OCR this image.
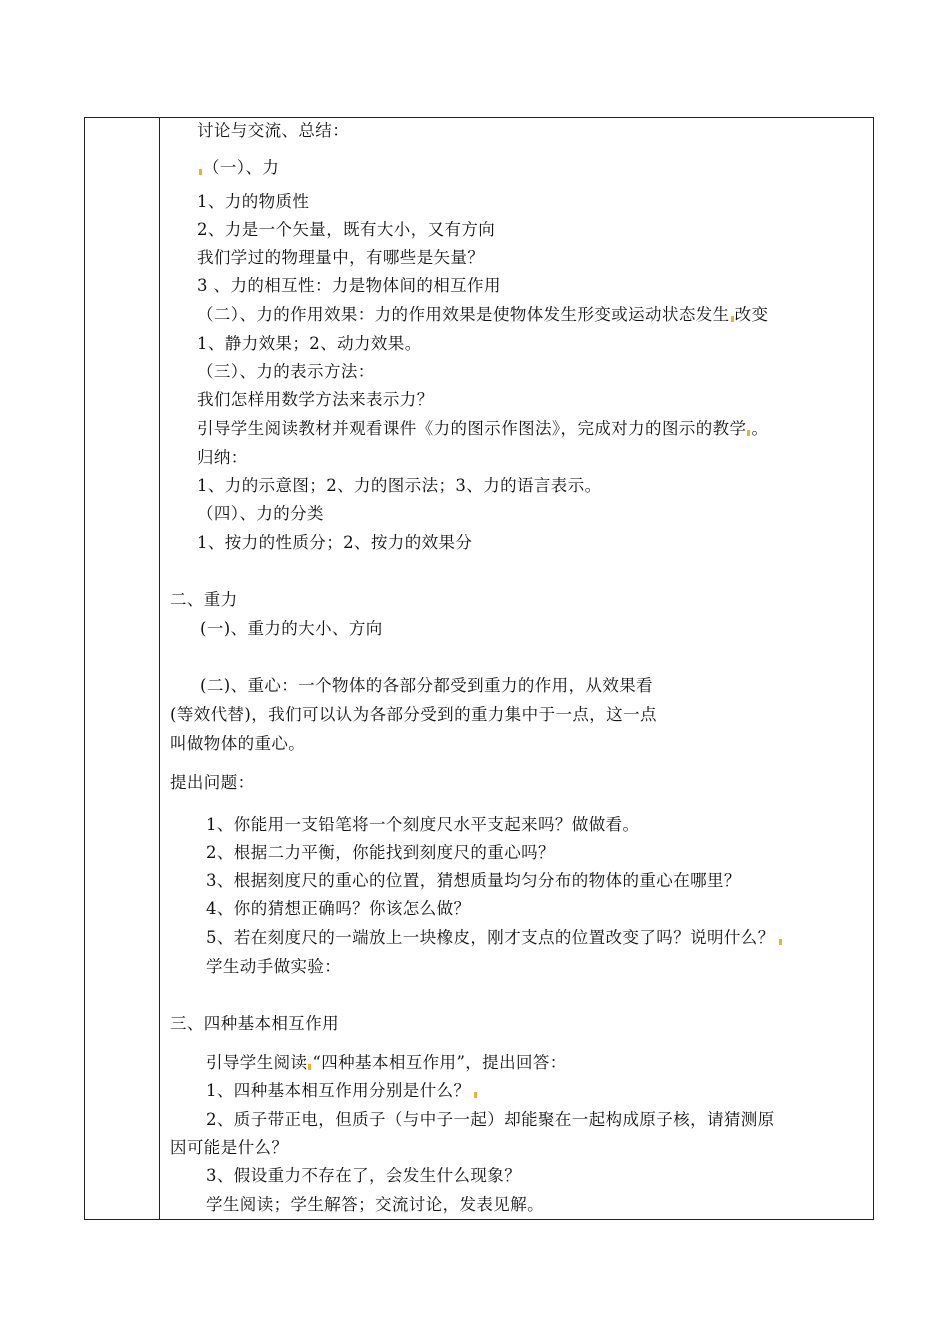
讨论与交流、总结：
（一）、力
1、力的物质性
2、力是一个矢量，既有大小，又有方向
我们学过的物理量中，有哪些是矢量？
3 、力的相互性：力是物体间的相互作用
（二）、力的作用效果：力的作用效果是使物体发生形变或运动状态发生 改变
1、静力效果；2、动力效果。
（三）、力的表示方法：
我们怎样用数学方法来表示力？
引导学生阅读教材并观看课件《力的图示作图法》，完成对力的图示的教学 。
归纳：
1、力的示意图；2、力的图示法；3、力的语言表示。
（四）、力的分类
1、按力的性质分；2、按力的效果分
二、重力
(一)、重力的大小、方向
(二)、重心：一个物体的各部分都受到重力的作用，从效果看
(等效代替)，我们可以认为各部分受到的重力集中于一点，这一点
叫做物体的重心。
提出问题：
1、你能用一支铅笔将一个刻度尺水平支起来吗？做做看。
2、根据二力平衡，你能找到刻度尺的重心吗？
3、根据刻度尺的重心的位置，猜想质量均匀分布的物体的重心在哪里？
4、你的猜想正确吗？你该怎么做？
5、若在刻度尺的一端放上一块橡皮，刚才支点的位置改变了吗？说明什么？
学生动手做实验：
三、四种基本相互作用
引导学生阅读 “四种基本相互作用”，提出回答：
1、四种基本相互作用分别是什么？
2、质子带正电，但质子（与中子一起）却能聚在一起构成原子核，请猜测原
因可能是什么？
3、假设重力不存在了，会发生什么现象？
学生阅读；学生解答；交流讨论，发表见解。
